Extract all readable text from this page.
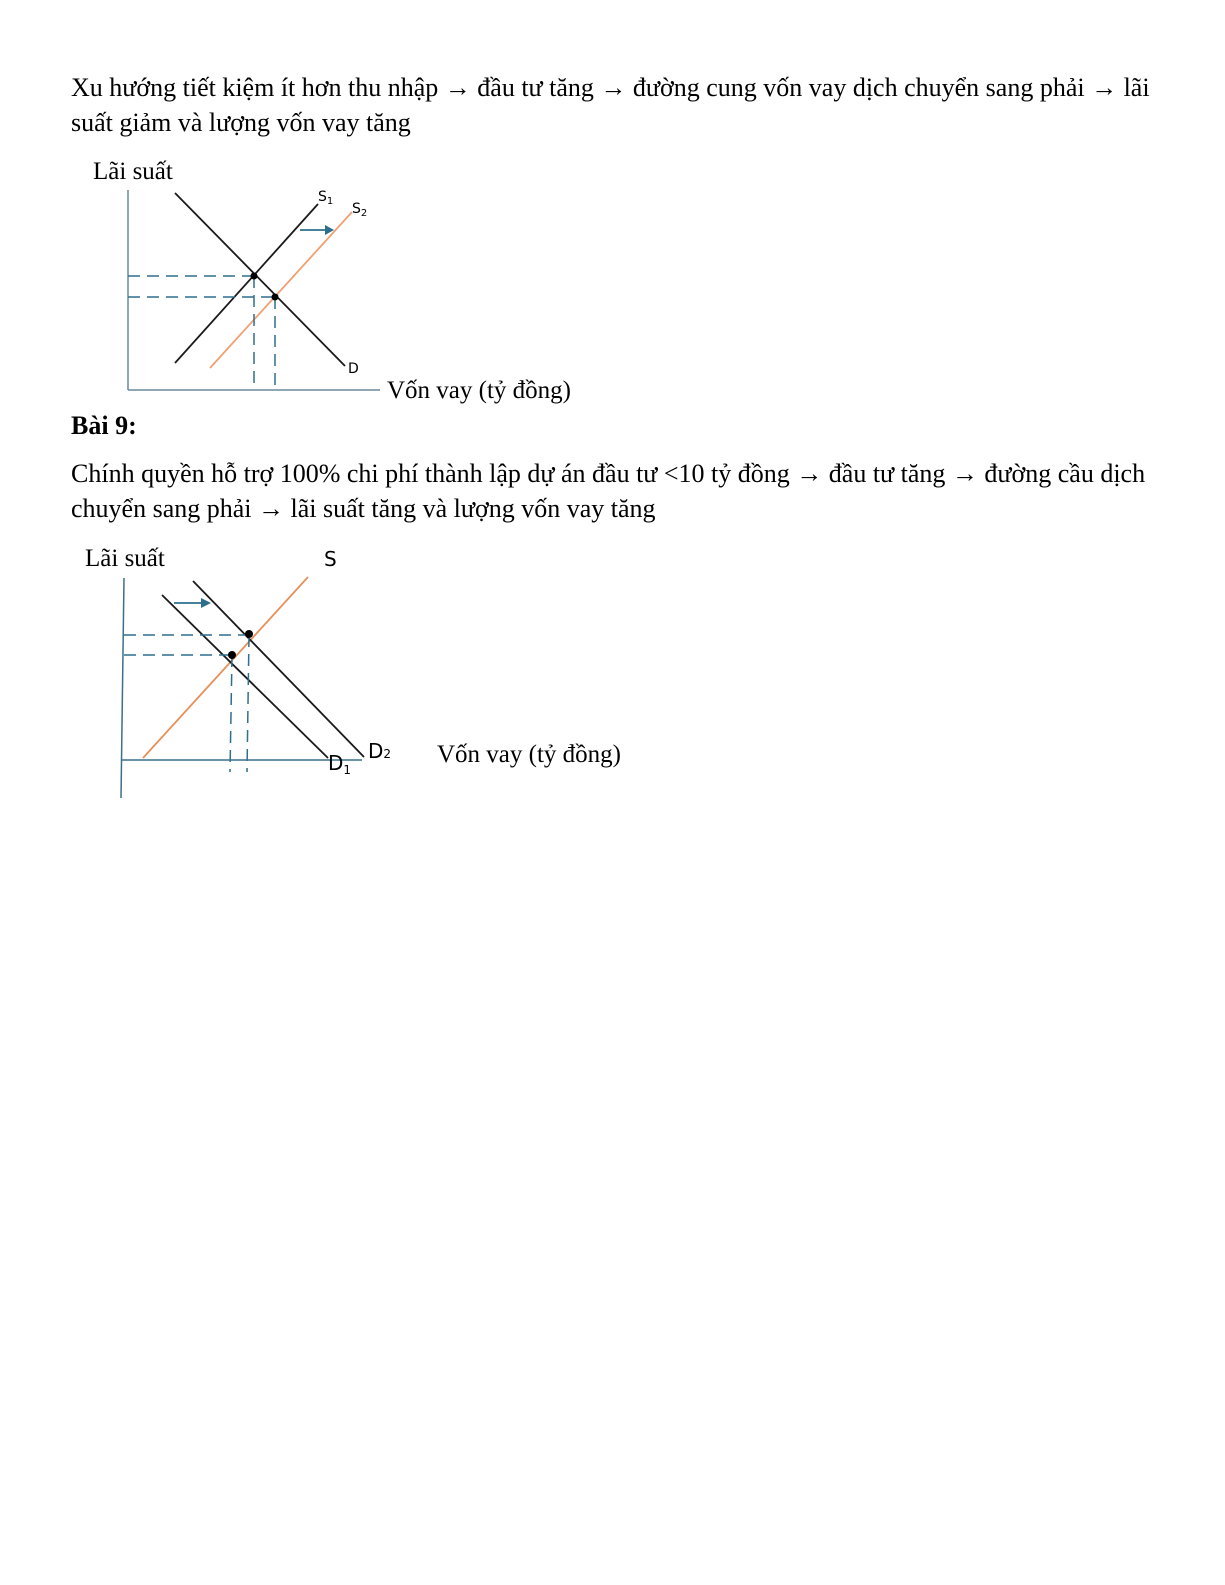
Xu hướng tiết kiệm ít hơn thu nhập → đầu tư tăng → đường cung vốn vay dịch chuyển sang phải → lãi suất giảm và lượng vốn vay tăng

Lãi suất
Vốn vay (tỷ đồng)
D
$S_1$ $S_2$

Bài 9:

Chính quyền hỗ trợ 100% chi phí thành lập dự án đầu tư <10 tỷ đồng → đầu tư tăng → đường cầu dịch chuyển sang phải → lãi suất tăng và lượng vốn vay tăng

Lãi suất	S
Vốn vay (tỷ đồng)
$D_1$
D2
